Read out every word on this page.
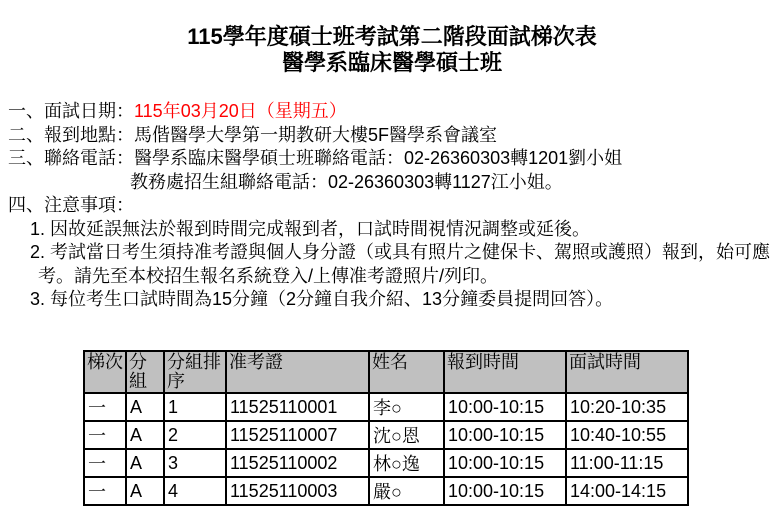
115學年度碩士班考試第二階段面試梯次表
醫學系臨床醫學碩士班
一、面試日期：115年03月20日（星期五）
二、報到地點：馬偕醫學大學第一期教研大樓5F醫學系會議室
三、聯絡電話：醫學系臨床醫學碩士班聯絡電話：02-26360303轉1201劉小姐
教務處招生組聯絡電話：02-26360303轉1127江小姐。
四、注意事項：
1. 因故延誤無法於報到時間完成報到者，口試時間視情況調整或延後。
2. 考試當日考生須持准考證與個人身分證（或具有照片之健保卡、駕照或護照）報到，始可應
考。請先至本校招生報名系統登入/上傳准考證照片/列印。
3. 每位考生口試時間為15分鐘（2分鐘自我介紹、13分鐘委員提問回答）。
梯次	分組	分組排序	准考證	姓名	報到時間	面試時間
一	A	1	11525110001	李○	10:00-10:15	10:20-10:35
一	A	2	11525110007	沈○恩	10:00-10:15	10:40-10:55
一	A	3	11525110002	林○逸	10:00-10:15	11:00-11:15
一	A	4	11525110003	嚴○	10:00-10:15	14:00-14:15
